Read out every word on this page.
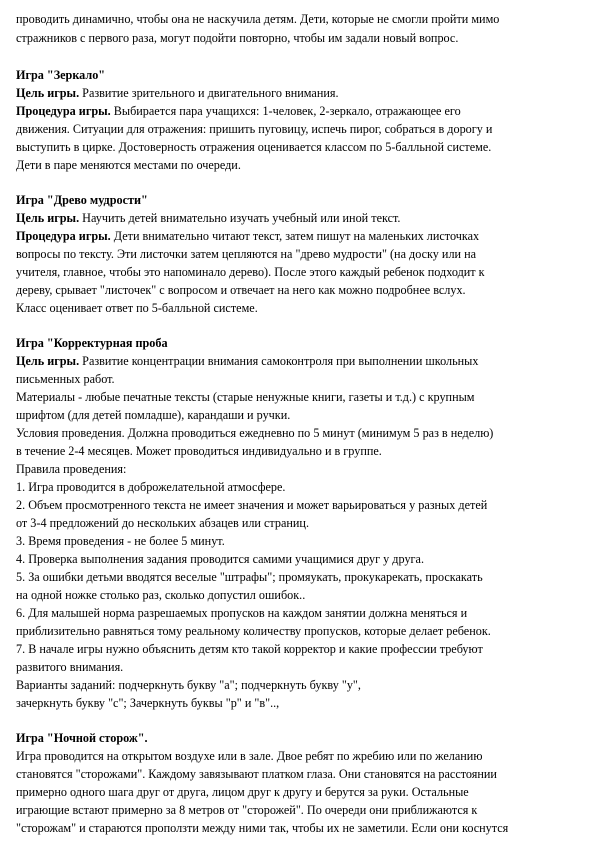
проводить динамично, чтобы она не наскучила детям. Дети, которые не смогли пройти мимо
стражников с первого раза, могут подойти повторно, чтобы им задали новый вопрос.
Игра "Зеркало"
Цель игры. Развитие зрительного и двигательного внимания.
Процедура игры. Выбирается пара учащихся: 1-человек, 2-зеркало, отражающее его
движения. Ситуации для отражения: пришить пуговицу, испечь пирог, собраться в дорогу и
выступить в цирке. Достоверность отражения оценивается классом по 5-балльной системе.
Дети в паре меняются местами по очереди.
Игра "Древо мудрости"
Цель игры. Научить детей внимательно изучать учебный или иной текст.
Процедура игры. Дети внимательно читают текст, затем пишут на маленьких листочках
вопросы по тексту. Эти листочки затем цепляются на "древо мудрости" (на доску или на
учителя, главное, чтобы это напоминало дерево). После этого каждый ребенок подходит к
дереву, срывает "листочек" с вопросом и отвечает на него как можно подробнее вслух.
Класс оценивает ответ по 5-балльной системе.
Игра "Корректурная проба
Цель игры. Развитие концентрации внимания самоконтроля при выполнении школьных
письменных работ.
Материалы - любые печатные тексты (старые ненужные книги, газеты и т.д.) с крупным
шрифтом (для детей помладше), карандаши и ручки.
Условия проведения. Должна проводиться ежедневно по 5 минут (минимум 5 раз в неделю)
в течение 2-4 месяцев. Может проводиться индивидуально и в группе.
Правила проведения:
1. Игра проводится в доброжелательной атмосфере.
2. Объем просмотренного текста не имеет значения и может варьироваться у разных детей
от 3-4 предложений до нескольких абзацев или страниц.
3. Время проведения - не более 5 минут.
4. Проверка выполнения задания проводится самими учащимися друг у друга.
5. За ошибки детьми вводятся веселые "штрафы"; промяукать, прокукарекать, проскакать
на одной ножке столько раз, сколько допустил ошибок..
6. Для малышей норма разрешаемых пропусков на каждом занятии должна меняться и
приблизительно равняться тому реальному количеству пропусков, которые делает ребенок.
7. В начале игры нужно объяснить детям кто такой корректор и какие профессии требуют
развитого внимания.
Варианты заданий: подчеркнуть букву "а"; подчеркнуть букву "у",
зачеркнуть букву "с"; Зачеркнуть буквы "р" и "в"..,
Игра "Ночной сторож".
Игра проводится на открытом воздухе или в зале. Двое ребят по жребию или по желанию
становятся "сторожами". Каждому завязывают платком глаза. Они становятся на расстоянии
примерно одного шага друг от друга, лицом друг к другу и берутся за руки. Остальные
играющие встают примерно за 8 метров от "сторожей". По очереди они приближаются к
"сторожам" и стараются проползти между ними так, чтобы их не заметили. Если они коснутся
